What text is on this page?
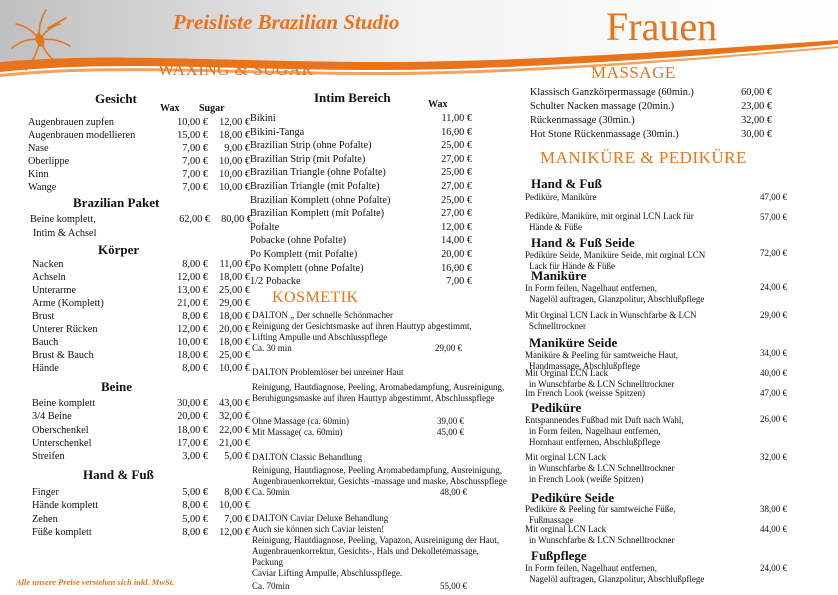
Preisliste Brazilian Studio	Frauen
WAXING & SUGAR
KOSMETIK
MASSAGE
MANIKÜRE & PEDIKÜRE
Gesicht
Wax Sugar
Augenbrauen zupfen	10,00 €	12,00 €
Augenbrauen modellieren	15,00 €	18,00 €
Nase	7,00 €	9,00 €
Oberlippe	7,00 €	10,00 €
Kinn	7,00 €	10,00 €
Wange	7,00 €	10,00 €
Brazilian Paket
Beine komplett,	62,00 €	80,00 €
Intim & Achsel
Körper
Nacken	8,00 €	11,00 €
Achseln	12,00 €	18,00 €
Unterarme	13,00 €	25,00 €
Arme (Komplett)	21,00 €	29,00 €
Brust	8,00 €	18,00 €
Unterer Rücken	12,00 €	20,00 €
Bauch	10,00 €	18,00 €
Brust & Bauch	18,00 €	25,00 €
Hände	8,00 €	10,00 €
Beine
Beine komplett	30,00 €	43,00 €
3/4 Beine	20,00 €	32,00 €
Oberschenkel	18,00 €	22,00 €
Unterschenkel	17,00 €	21,00 €
Streifen	3,00 €	5,00 €
Hand & Fuß
Finger	5,00 €	8,00 €
Hände komplett	8,00 €	10,00 €
Zehen	5,00 €	7,00 €
Füße komplett	8,00 €	12,00 €
Intim Bereich	Wax
Bikini	11,00 €
Bikini-Tanga	16,00 €
Brazilian Strip (ohne Pofalte)	25,00 €
Brazilian Strip (mit Pofalte)	27,00 €
Brazilian Triangle (ohne Pofalte)	25,00 €
Brazilian Triangle (mit Pofalte)	27,00 €
Brazilian Komplett (ohne Pofalte)	25,00 €
Brazilian Komplett (mit Pofalte)	27,00 €
Pofalte	12,00 €
Pobacke (ohne Pofalte)	14,00 €
Po Komplett (mit Pofalte)	20,00 €
Po Komplett (ohne Pofalte)	16,00 €
1/2 Pobacke	7,00 €
DALTON „ Der schnelle Schönmacher
Reinigung der Gesichtsmaske auf ihren Hauttyp abgestimmt,
Lifting Ampulle und Abschlusspflege
Ca. 30 min	29,00 €
DALTON Problemlöser bei unreiner Haut
Reinigung, Hautdiagnose, Peeling, Aromabedampfung, Ausreinigung,
Beruhigungsmaske auf ihren Hauttyp abgestimmt, Abschlusspflege
Ohne Massage (ca. 60min)	39,00 €
Mit Massage( ca. 60min)	45,00 €
DALTON Classic Behandlung
Reinigung, Hautdiagnose, Peeling Aromabedampfung, Ausreinigung,
Augenbrauenkorrektur, Gesichts -massage und maske, Abschusspflege
Ca. 50min	48,00 €
DALTON Caviar Deluxe Behandlung
Auch sie können sich Caviar leisten!
Reinigung, Hautdiagnose, Peeling, Vapazon, Ausreinigung der Haut,
Augenbrauenkorrektur, Gesichts-, Hals und Dekolletémassage, Packung
Caviar Lifting Ampulle, Abschlusspflege.
Ca. 70min	55,00 €
Klassisch Ganzkörpermassage (60min.)	60,00 €
Schulter Nacken massage (20min.)	23,00 €
Rückenmassage (30min.)	32,00 €
Hot Stone Rückenmassage (30min.)	30,00 €
Hand & Fuß
Pediküre, Maniküre	47,00 €
Pediküre, Maniküre, mit orginal LCN Lack für
Hände & Füße
57,00 €
Hand & Fuß Seide
Pediküre Seide, Maniküre Seide, mit orginal LCN
Lack für Hände & Füße
72,00 €
Maniküre
In Form feilen, Nagelhaut entfernen,
Nagelöl auftragen, Glanzpolitur, Abschlußpflege
24,00 €
Mit Orginal LCN Lack in Wunschfarbe & LCN
Schnelltrockner
29,00 €
Maniküre Seide
Maniküre & Peeling für samtweiche Haut,
Handmassage, Abschlußpflege
34,00 €
Mit Orginal LCN Lack
in Wunschfarbe & LCN Schnelltrockner
40,00 €
Im French Look (weisse Spitzen)	47,00 €
Pediküre
Entspannendes Fußbad mit Duft nach Wahl,
in Form feilen, Nagelhaut entfernen,
Hornhaut entfernen, Abschlußpflege
26,00 €
Mit orginal LCN Lack
in Wunschfarbe & LCN Schnelltrockner
in French Look (weiße Spitzen)
32,00 €
Pediküre Seide
Pediküre & Peeling für samtweiche Füße,
Fußmassage
38,00 €
Mit orginal LCN Lack
in Wunschfarbe & LCN Schnelltrockner
44,00 €
Fußpflege
In Form feilen, Nagelhaut entfernen,
Nagelöl auftragen, Glanzpolitur, Abschlußpflege
24,00 €
Alle unsere Preise verstehen sich inkl. MwSt.
